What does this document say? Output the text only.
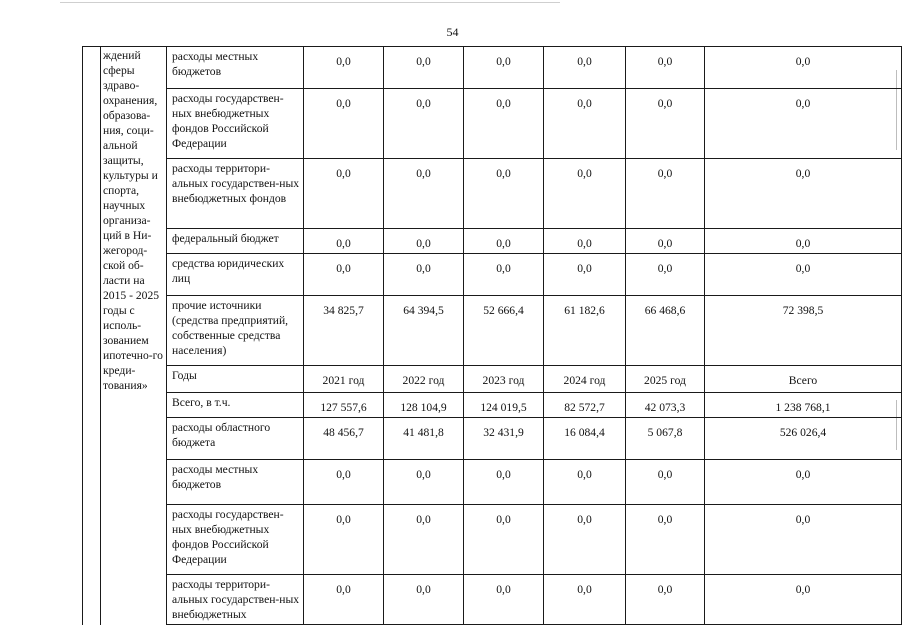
54
	ждений сферы здраво-охранения, образова-ния, соци-альной защиты, культуры и спорта, научных организа-ций в Ни-жегород-ской об-ласти на 2015 - 2025 годы с исполь-зованием ипотечно-го креди-тования»	расходы местных бюджетов	0,0	0,0	0,0	0,0	0,0	0,0
		расходы государствен-ных внебюджетных фондов Российской Федерации	0,0	0,0	0,0	0,0	0,0	0,0
		расходы территори-альных государствен-ных внебюджетных фондов	0,0	0,0	0,0	0,0	0,0	0,0
		федеральный бюджет	0,0	0,0	0,0	0,0	0,0	0,0
		средства юридических лиц	0,0	0,0	0,0	0,0	0,0	0,0
		прочие источники (средства предприятий, собственные средства населения)	34 825,7	64 394,5	52 666,4	61 182,6	66 468,6	72 398,5
		Годы	2021 год	2022 год	2023 год	2024 год	2025 год	Всего
		Всего, в т.ч.	127 557,6	128 104,9	124 019,5	82 572,7	42 073,3	1 238 768,1
		расходы областного бюджета	48 456,7	41 481,8	32 431,9	16 084,4	5 067,8	526 026,4
		расходы местных бюджетов	0,0	0,0	0,0	0,0	0,0	0,0
		расходы государствен-ных внебюджетных фондов Российской Федерации	0,0	0,0	0,0	0,0	0,0	0,0
		расходы территори-альных государствен-ных внебюджетных	0,0	0,0	0,0	0,0	0,0	0,0
